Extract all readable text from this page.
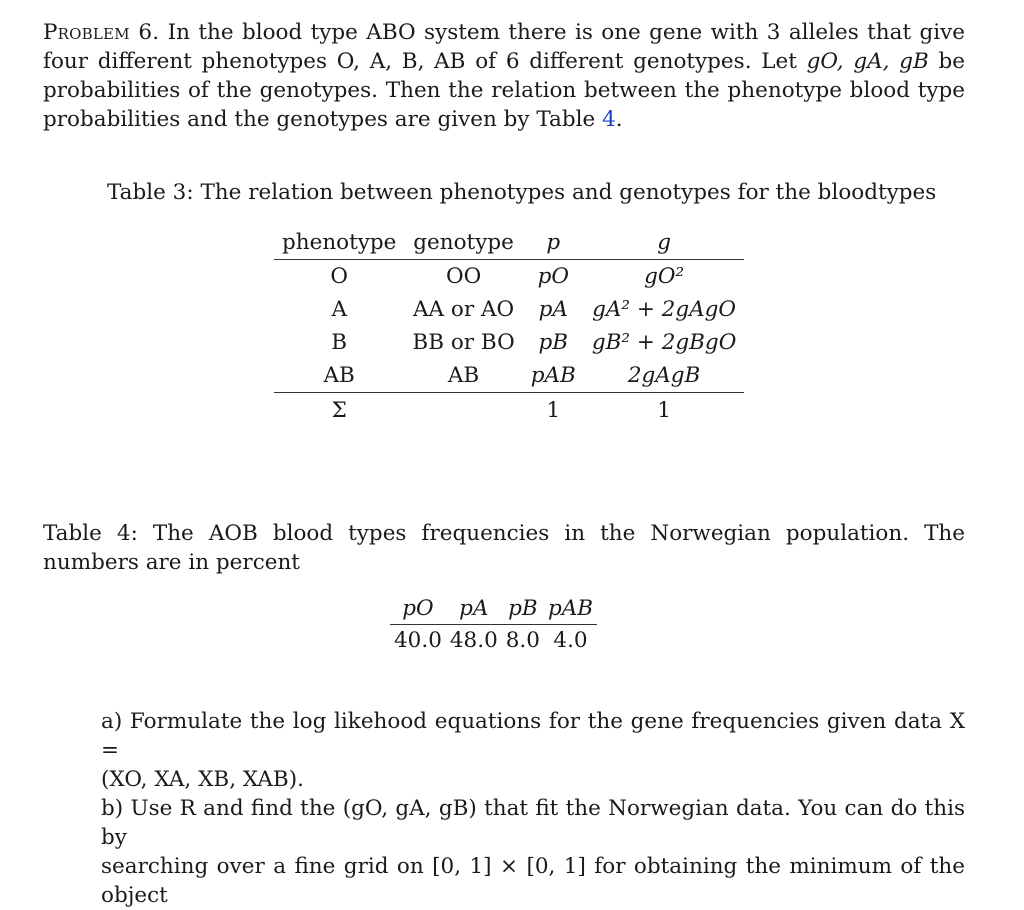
Problem 6. In the blood type ABO system there is one gene with 3 alleles that give four different phenotypes O, A, B, AB of 6 different genotypes. Let gO, gA, gB be probabilities of the genotypes. Then the relation between the phenotype blood type probabilities and the genotypes are given by Table 4.

Table 3: The relation between phenotypes and genotypes for the bloodtypes

phenotype	genotype	p	g
O	OO	pO	gO²
A	AA or AO	pA	gA² + 2gAgO
B	BB or BO	pB	gB² + 2gBgO
AB	AB	pAB	2gAgB
Σ		1	1

Table 4: The AOB blood types frequencies in the Norwegian population. The numbers are in percent

pO	pA	pB	pAB
40.0	48.0	8.0	4.0
a) Formulate the log likehood equations for the gene frequencies given data X =
(XO, XA, XB, XAB).
b) Use R and find the (gO, gA, gB) that fit the Norwegian data. You can do this by
searching over a fine grid on [0, 1] × [0, 1] for obtaining the minimum of the object
